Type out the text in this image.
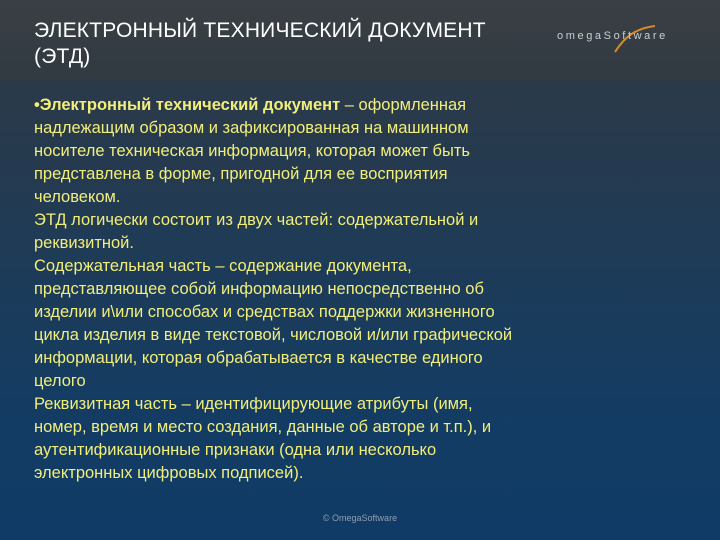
ЭЛЕКТРОННЫЙ ТЕХНИЧЕСКИЙ ДОКУМЕНТ
(ЭТД)
omegaSoftware
•Электронный технический документ – оформленная
надлежащим образом и зафиксированная на машинном
носителе техническая информация, которая может быть
представлена в форме, пригодной для ее восприятия
человеком.
ЭТД логически состоит из двух частей: содержательной и
реквизитной.
Содержательная часть – содержание документа,
представляющее собой информацию непосредственно об
изделии и\или способах и средствах поддержки жизненного
цикла изделия в виде текстовой, числовой и/или графической
информации, которая обрабатывается в качестве единого
целого
Реквизитная часть – идентифицирующие атрибуты (имя,
номер, время и место создания, данные об авторе и т.п.), и
аутентификационные признаки (одна или несколько
электронных цифровых подписей).
© OmegaSoftware
